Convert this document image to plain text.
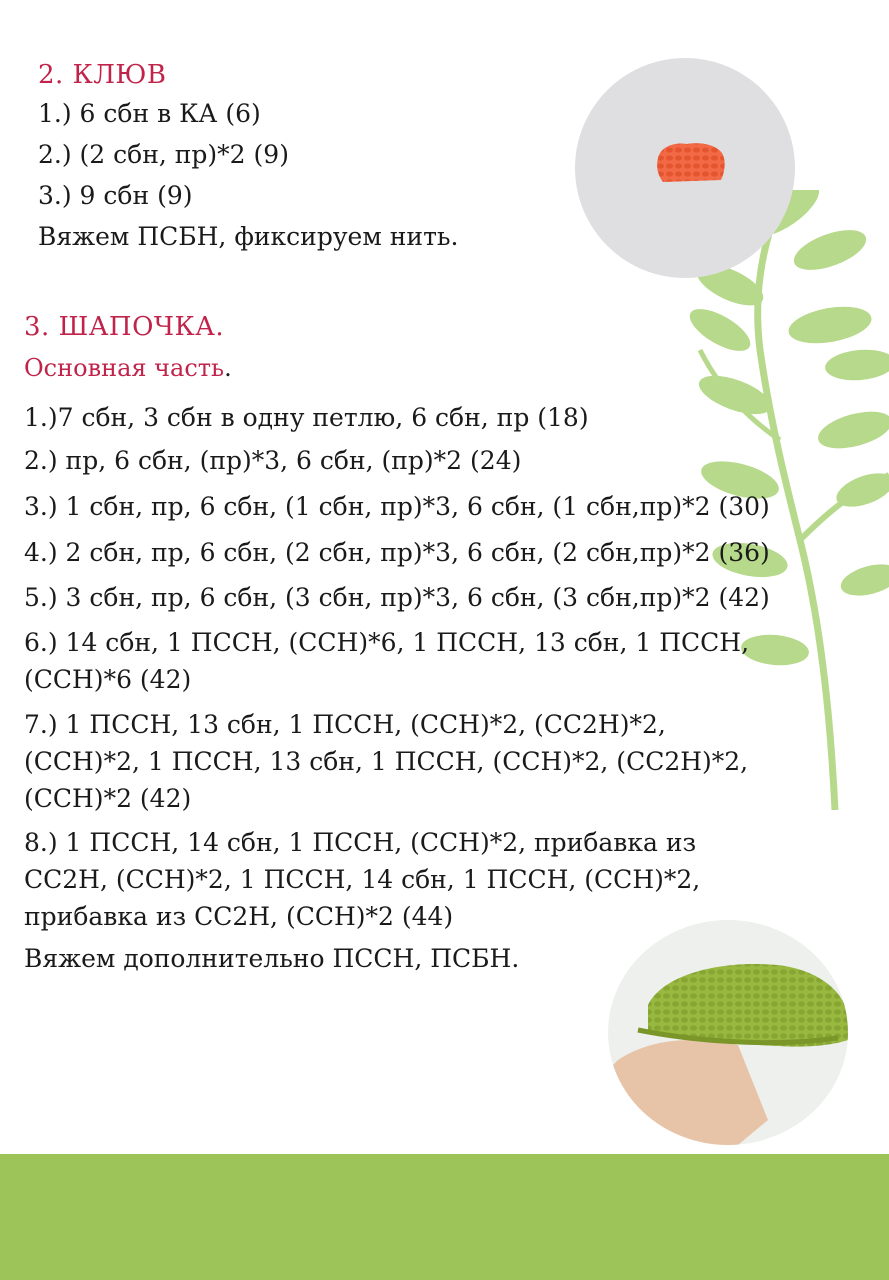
2. КЛЮВ
1.) 6 сбн в КА (6)
2.) (2 сбн, пр)*2 (9)
3.) 9 сбн (9)
Вяжем ПСБН, фиксируем нить.
3. ШАПОЧКА.
Основная часть.
1.)7 сбн, 3 сбн в одну петлю, 6 сбн, пр (18)
2.) пр, 6 сбн, (пр)*3, 6 сбн, (пр)*2 (24)
3.) 1 сбн, пр, 6 сбн, (1 сбн, пр)*3, 6 сбн, (1 сбн,пр)*2 (30)
4.) 2 сбн, пр, 6 сбн, (2 сбн, пр)*3, 6 сбн, (2 сбн,пр)*2 (36)
5.) 3 сбн, пр, 6 сбн, (3 сбн, пр)*3, 6 сбн, (3 сбн,пр)*2 (42)
6.) 14 сбн, 1 ПССН, (ССН)*6, 1 ПССН, 13 сбн, 1 ПССН,
(ССН)*6 (42)
7.) 1 ПССН, 13 сбн, 1 ПССН, (ССН)*2, (СС2Н)*2,
(ССН)*2, 1 ПССН, 13 сбн, 1 ПССН, (ССН)*2, (СС2Н)*2,
(ССН)*2 (42)
8.) 1 ПССН, 14 сбн, 1 ПССН, (ССН)*2, прибавка из
СС2Н, (ССН)*2, 1 ПССН, 14 сбн, 1 ПССН, (ССН)*2,
прибавка из СС2Н, (ССН)*2 (44)
Вяжем дополнительно ПССН, ПСБН.
